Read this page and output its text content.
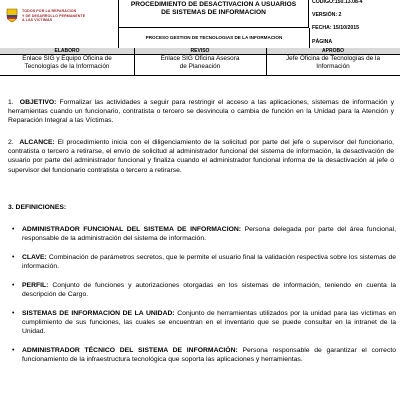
TODOS POR LA REPARACION
Y DE DESARROLLO PERMANENTE
A LAS VICTIMAS
PROCEDIMIENTO DE DESACTIVACION A USUARIOS
DE SISTEMAS DE INFORMACION
PROCESO GESTION DE TECNOLOGIAS DE LA INFORMACION
CODIGO:150.13.08-4
VERSIÓN: 2
FECHA: 15/10/2015
PÁGINA
ELABORO	REVISO	APROBO
Enlace SIG y Equipo Oficina de
Tecnologías de la Información
Enlace SIG Oficina Asesora
de Planeación
Jefe Oficina de Tecnologías de la
Información
1. OBJETIVO: Formalizar las actividades a seguir para restringir el acceso a las aplicaciones, sistemas de información y herramientas cuando un funcionario, contratista o tercero se desvincula o cambia de función en la Unidad para la Atención y Reparación Integral a las Víctimas.
2. ALCANCE: El procedimiento inicia con el diligenciamiento de la solicitud por parte del jefe o supervisor del funcionario, contratista o tercero a retirarse, el envío de solicitud al administrador funcional del sistema de información, la desactivación de usuario por parte del administrador funcional y finaliza cuando el administrador funcional informa de la desactivación al jefe o supervisor del funcionario contratista o tercero a retirarse.
3. DEFINICIONES:
• ADMINISTRADOR FUNCIONAL DEL SISTEMA DE INFORMACION: Persona delegada por parte del área funcional, responsable de la administración del sistema de información.
• CLAVE: Combinación de parámetros secretos, que le permite el usuario final la validación respectiva sobre los sistemas de información.
• PERFIL: Conjunto de funciones y autorizaciones otorgadas en los sistemas de información, teniendo en cuenta la descripción de Cargo.
• SISTEMAS DE INFORMACION DE LA UNIDAD: Conjunto de herramientas utilizados por la unidad para las víctimas en cumplimiento de sus funciones, las cuales se encuentran en el inventario que se puede consultar en la intranet de la Unidad.
• ADMINISTRADOR TÉCNICO DEL SISTEMA DE INFORMACIÓN: Persona responsable de garantizar el correcto funcionamiento de la infraestructura tecnológica que soporta las aplicaciones y herramientas.
